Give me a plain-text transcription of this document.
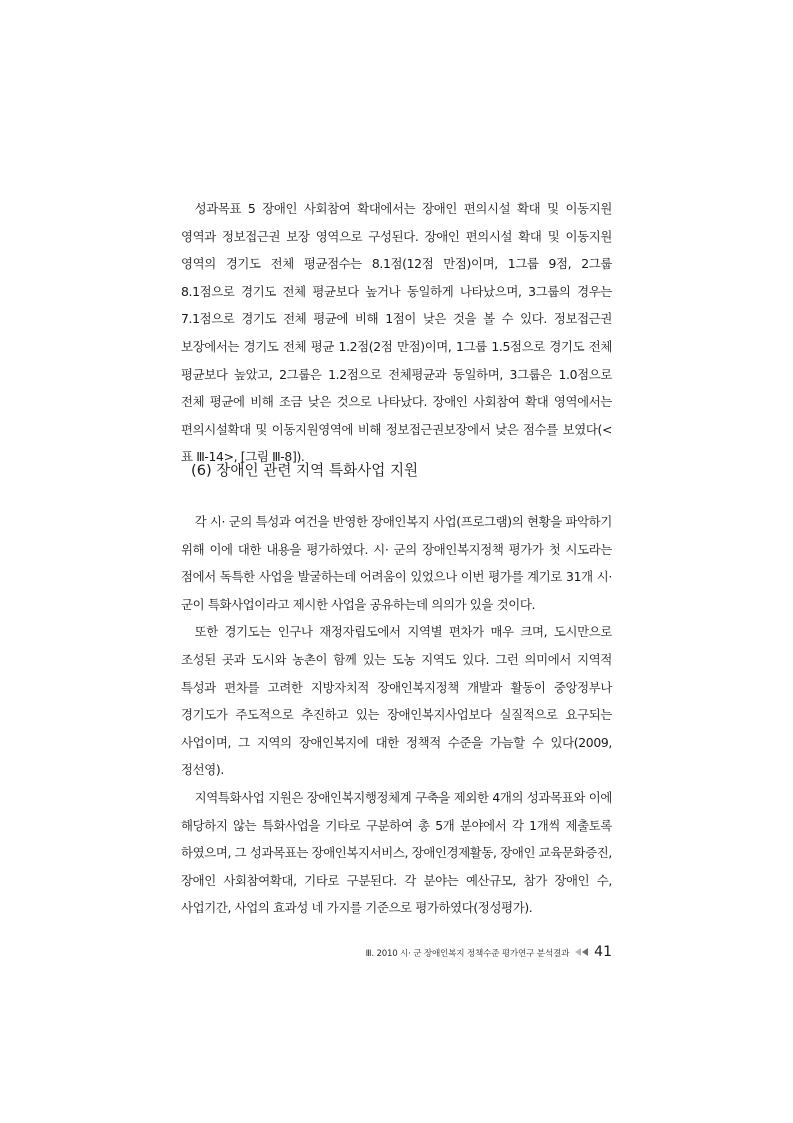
성과목표 5 장애인 사회참여 확대에서는 장애인 편의시설 확대 및 이동지원 영역과 정보접근권 보장 영역으로 구성된다. 장애인 편의시설 확대 및 이동지원 영역의 경기도 전체 평균점수는 8.1점(12점 만점)이며, 1그룹 9점, 2그룹 8.1점으로 경기도 전체 평균보다 높거나 동일하게 나타났으며, 3그룹의 경우는 7.1점으로 경기도 전체 평균에 비해 1점이 낮은 것을 볼 수 있다. 정보접근권 보장에서는 경기도 전체 평균 1.2점(2점 만점)이며, 1그룹 1.5점으로 경기도 전체 평균보다 높았고, 2그룹은 1.2점으로 전체평균과 동일하며, 3그룹은 1.0점으로 전체 평균에 비해 조금 낮은 것으로 나타났다. 장애인 사회참여 확대 영역에서는 편의시설확대 및 이동지원영역에 비해 정보접근권보장에서 낮은 점수를 보였다(<표 Ⅲ-14>, [그림 Ⅲ-8]).

(6) 장애인 관련 지역 특화사업 지원

각 시· 군의 특성과 여건을 반영한 장애인복지 사업(프로그램)의 현황을 파악하기 위해 이에 대한 내용을 평가하였다. 시· 군의 장애인복지정책 평가가 첫 시도라는 점에서 독특한 사업을 발굴하는데 어려움이 있었으나 이번 평가를 계기로 31개 시· 군이 특화사업이라고 제시한 사업을 공유하는데 의의가 있을 것이다.

또한 경기도는 인구나 재정자립도에서 지역별 편차가 매우 크며, 도시만으로 조성된 곳과 도시와 농촌이 함께 있는 도농 지역도 있다. 그런 의미에서 지역적 특성과 편차를 고려한 지방자치적 장애인복지정책 개발과 활동이 중앙정부나 경기도가 주도적으로 추진하고 있는 장애인복지사업보다 실질적으로 요구되는 사업이며, 그 지역의 장애인복지에 대한 정책적 수준을 가늠할 수 있다(2009, 정선영).

지역특화사업 지원은 장애인복지행정체계 구축을 제외한 4개의 성과목표와 이에 해당하지 않는 특화사업을 기타로 구분하여 총 5개 분야에서 각 1개씩 제출토록 하였으며, 그 성과목표는 장애인복지서비스, 장애인경제활동, 장애인 교육문화증진, 장애인 사회참여확대, 기타로 구분된다. 각 분야는 예산규모, 참가 장애인 수, 사업기간, 사업의 효과성 네 가지를 기준으로 평가하였다(정성평가).

Ⅲ. 2010 시· 군 장애인복지 정책수준 평가연구 분석결과 41
